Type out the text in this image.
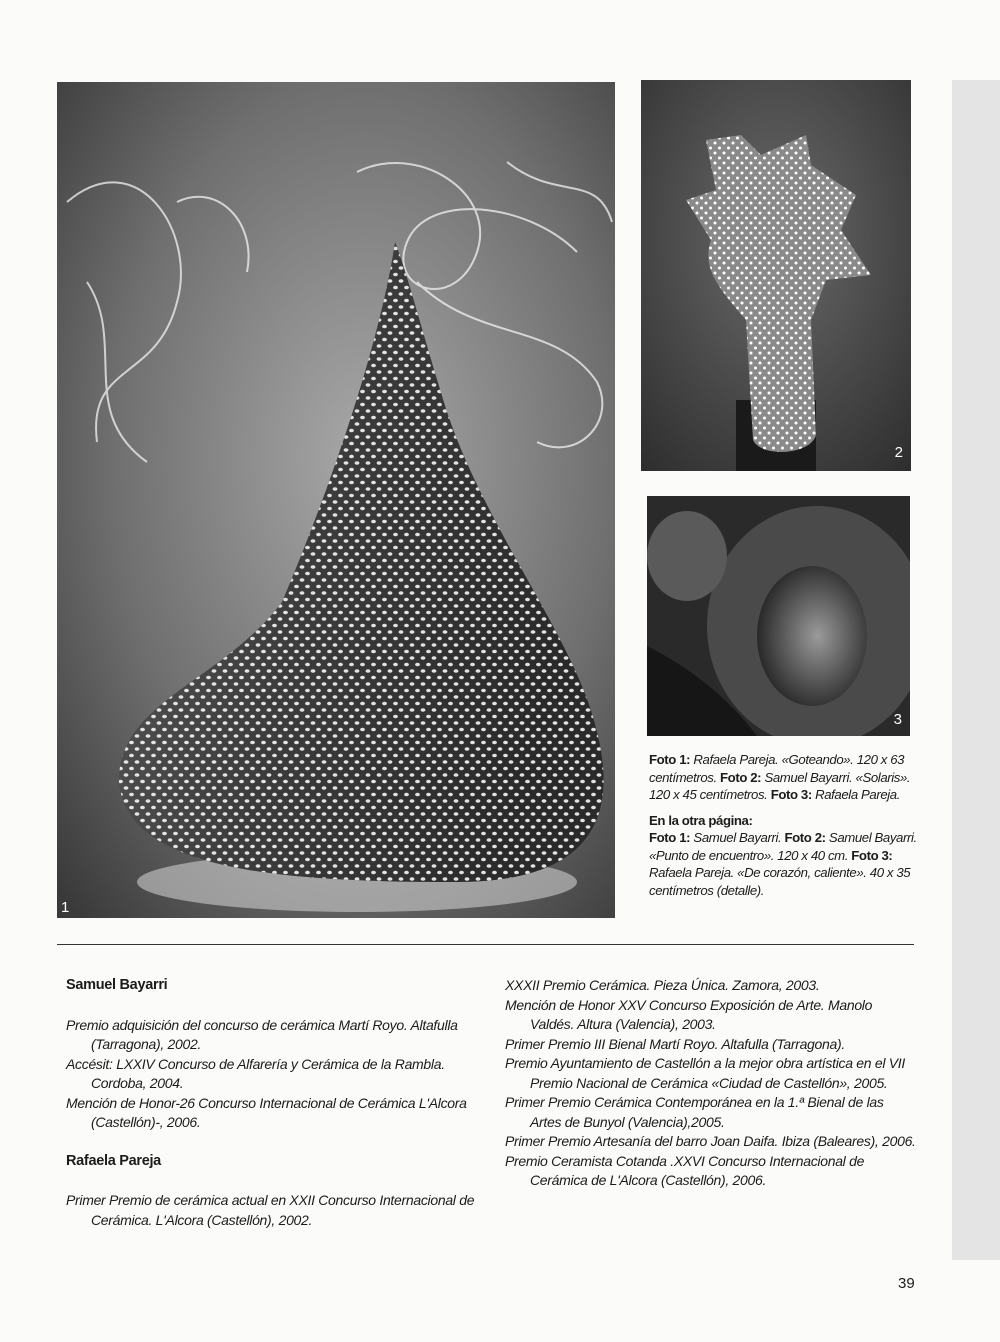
1
2
3
Foto 1: Rafaela Pareja. «Goteando». 120 x 63 centímetros. Foto 2: Samuel Bayarri. «Solaris». 120 x 45 centímetros. Foto 3: Rafaela Pareja.
En la otra página:
Foto 1: Samuel Bayarri. Foto 2: Samuel Bayarri. «Punto de encuentro». 120 x 40 cm. Foto 3: Rafaela Pareja. «De corazón, caliente». 40 x 35 centímetros (detalle).
Samuel Bayarri
Premio adquisición del concurso de cerámica Martí Royo. Altafulla (Tarragona), 2002.
Accésit: LXXIV Concurso de Alfarería y Cerámica de la Rambla. Cordoba, 2004.
Mención de Honor-26 Concurso Internacional de Cerámica L'Alcora (Castellón)-, 2006.
Rafaela Pareja
Primer Premio de cerámica actual en XXII Concurso Internacional de Cerámica. L'Alcora (Castellón), 2002.
XXXII Premio Cerámica. Pieza Única. Zamora, 2003.
Mención de Honor XXV Concurso Exposición de Arte. Manolo Valdés. Altura (Valencia), 2003.
Primer Premio III Bienal Martí Royo. Altafulla (Tarragona).
Premio Ayuntamiento de Castellón a la mejor obra artística en el VII Premio Nacional de Cerámica «Ciudad de Castellón», 2005.
Primer Premio Cerámica Contemporánea en la 1.ª Bienal de las Artes de Bunyol (Valencia),2005.
Primer Premio Artesanía del barro Joan Daifa. Ibiza (Baleares), 2006.
Premio Ceramista Cotanda .XXVI Concurso Internacional de Cerámica de L'Alcora (Castellón), 2006.
39
